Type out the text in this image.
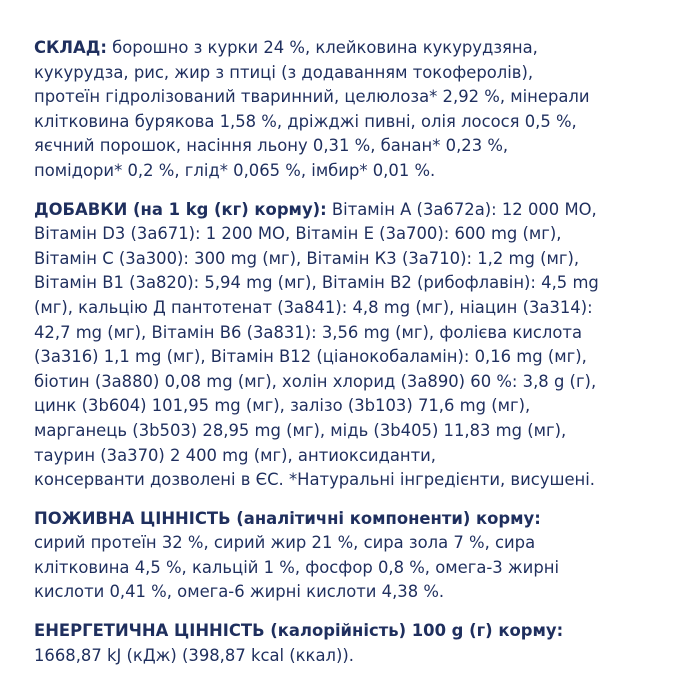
СКЛАД: борошно з курки 24 %, клейковина кукурудзяна,
кукурудза, рис, жир з птиці (з додаванням токоферолів),
протеїн гідролізований тваринний, целюлоза* 2,92 %, мінерали
клітковина бурякова 1,58 %, дріжджі пивні, олія лосося 0,5 %,
яєчний порошок, насіння льону 0,31 %, банан* 0,23 %,
помідори* 0,2 %, глід* 0,065 %, імбир* 0,01 %.

ДОБАВКИ (на 1 kg (кг) корму): Вітамін А (3a672a): 12 000 МО,
Вітамін D3 (3a671): 1 200 МО, Вітамін Е (3a700): 600 mg (мг),
Вітамін С (3a300): 300 mg (мг), Вітамін К3 (3a710): 1,2 mg (мг),
Вітамін В1 (3a820): 5,94 mg (мг), Вітамін В2 (рибофлавін): 4,5 mg
(мг), кальцію Д пантотенат (3a841): 4,8 mg (мг), ніацин (3a314):
42,7 mg (мг), Вітамін В6 (3a831): 3,56 mg (мг), фолієва кислота
(3a316) 1,1 mg (мг), Вітамін В12 (ціанокобаламін): 0,16 mg (мг),
біотин (3a880) 0,08 mg (мг), холін хлорид (3a890) 60 %: 3,8 g (г),
цинк (3b604) 101,95 mg (мг), залізо (3b103) 71,6 mg (мг),
марганець (3b503) 28,95 mg (мг), мідь (3b405) 11,83 mg (мг),
таурин (3a370) 2 400 mg (мг), антиоксиданти,
консерванти дозволені в ЄС. *Натуральні інгредієнти, висушені.

ПОЖИВНА ЦІННІСТЬ (аналітичні компоненти) корму:
сирий протеїн 32 %, сирий жир 21 %, сира зола 7 %, сира
клітковина 4,5 %, кальцій 1 %, фосфор 0,8 %, омега-3 жирні
кислоти 0,41 %, омега-6 жирні кислоти 4,38 %.

ЕНЕРГЕТИЧНА ЦІННІСТЬ (калорійність) 100 g (г) корму:
1668,87 kJ (кДж) (398,87 kcal (ккал)).
